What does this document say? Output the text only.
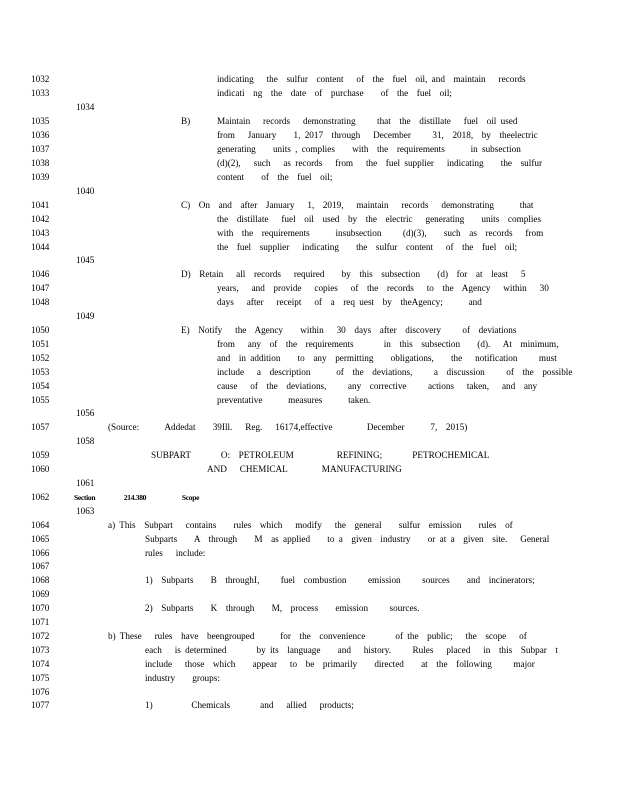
indicating   the  sulfur  content   of  the  fuel  oil, and  maintain   records
indicati  ng  the  date  of  purchase    of  the  fuel  oil;
B)	Maintain   records   demonstrating     that  the  distillate   fuel  oil used
from   January    1, 2017  through   December     31,  2018,  by  theelectric
generating    units , complies    with  the  requirements      in subsection
(d)(2),   such   as records   from   the  fuel supplier   indicating    the  sulfur
content    of  the  fuel  oil;
C)  On  and  after  January   1,  2019,   maintain   records   demonstrating      that
the  distillate   fuel  oil  used  by  the  electric   generating    units  complies
with  the  requirements      insubsection     (d)(3),    such  as  records   from
the  fuel  supplier   indicating    the  sulfur  content   of  the  fuel  oil;
D)  Retain   all  records   required    by  this  subsection    (d)  for  at  least   5
years,   and  provide   copies   of  the  records   to  the  Agency   within   30
days   after   receipt   of  a  req uest  by  theAgency;      and
E)  Notify   the  Agency    within   30  days  after  discovery     of  deviations
from   any  of  the  requirements       in  this  subsection    (d).   At  minimum,
and  in addition    to  any  permitting    obligations,    the   notification     must
include   a  description      of  the  deviations,     a  discussion     of  the  possible
cause   of  the  deviations,     any  corrective     actions   taken,   and  any
preventative      measures      taken.
(Source:      Addedat    39Ill.   Reg.   16174,effective        December      7,  2015)
SUBPART       O:  PETROLEUM          REFINING;       PETROCHEMICAL
AND   CHEMICAL        MANUFACTURING
Section        214.380          Scope
a) This  Subpart   contains    rules  which   modify   the  general    sulfur  emission    rules  of
Subparts    A  through    M  as applied    to a  given  industry    or at a  given  site.   General
rules   include:
1)  Subparts    B  throughI,     fuel  combustion     emission     sources    and  incinerators;
2)  Subparts    K  through    M,  process    emission     sources.
b) These   rules  have  beengrouped      for  the  convenience       of the  public;   the  scope   of
each   is determined       by its  language    and   history.     Rules   placed   in  this  Subpar  t
include   those  which    appear   to  be  primarily    directed    at  the  following     major
industry    groups:
1)         Chemicals       and   allied   products;
1032
1033
1034
1035
1036
1037
1038
1039
1040
1041
1042
1043
1044
1045
1046
1047
1048
1049
1050
1051
1052
1053
1054
1055
1056
1057
1058
1059
1060
1061
1062
1063
1064
1065
1066
1067
1068
1069
1070
1071
1072
1073
1074
1075
1076
1077
